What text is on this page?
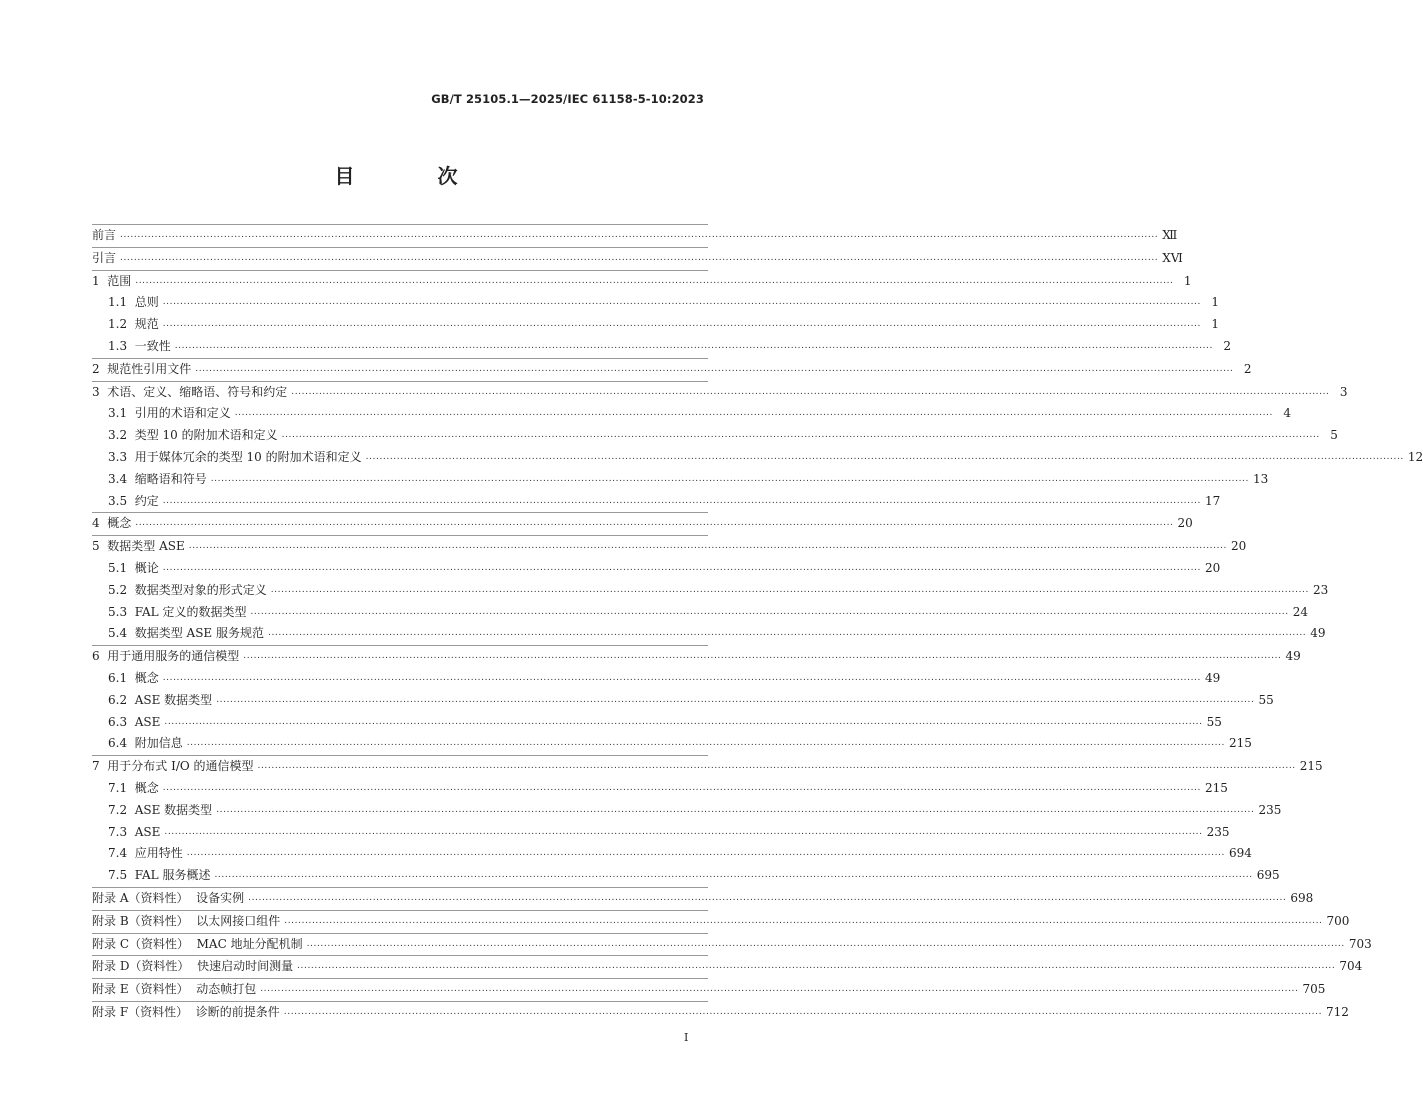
GB/T 25105.1—2025/IEC 61158-5-10:2023
目 次
前言 ............................................................................................................................................................................................................................................................................................................ Ⅻ
引言 ............................................................................................................................................................................................................................................................................................................ ⅩⅥ
1  范围 ............................................................................................................................................................................................................................................................................................................ 1
1.1  总则 ............................................................................................................................................................................................................................................................................................................ 1
1.2  规范 ............................................................................................................................................................................................................................................................................................................ 1
1.3  一致性 ............................................................................................................................................................................................................................................................................................................ 2
2  规范性引用文件 ............................................................................................................................................................................................................................................................................................................ 2
3  术语、定义、缩略语、符号和约定 ............................................................................................................................................................................................................................................................................................................ 3
3.1  引用的术语和定义 ............................................................................................................................................................................................................................................................................................................ 4
3.2  类型 10 的附加术语和定义 ............................................................................................................................................................................................................................................................................................................ 5
3.3  用于媒体冗余的类型 10 的附加术语和定义 ............................................................................................................................................................................................................................................................................................................ 12
3.4  缩略语和符号 ............................................................................................................................................................................................................................................................................................................ 13
3.5  约定 ............................................................................................................................................................................................................................................................................................................ 17
4  概念 ............................................................................................................................................................................................................................................................................................................ 20
5  数据类型 ASE ............................................................................................................................................................................................................................................................................................................ 20
5.1  概论 ............................................................................................................................................................................................................................................................................................................ 20
5.2  数据类型对象的形式定义 ............................................................................................................................................................................................................................................................................................................ 23
5.3  FAL 定义的数据类型 ............................................................................................................................................................................................................................................................................................................ 24
5.4  数据类型 ASE 服务规范 ............................................................................................................................................................................................................................................................................................................ 49
6  用于通用服务的通信模型 ............................................................................................................................................................................................................................................................................................................ 49
6.1  概念 ............................................................................................................................................................................................................................................................................................................ 49
6.2  ASE 数据类型 ............................................................................................................................................................................................................................................................................................................ 55
6.3  ASE ............................................................................................................................................................................................................................................................................................................ 55
6.4  附加信息 ............................................................................................................................................................................................................................................................................................................ 215
7  用于分布式 I/O 的通信模型 ............................................................................................................................................................................................................................................................................................................ 215
7.1  概念 ............................................................................................................................................................................................................................................................................................................ 215
7.2  ASE 数据类型 ............................................................................................................................................................................................................................................................................................................ 235
7.3  ASE ............................................................................................................................................................................................................................................................................................................ 235
7.4  应用特性 ............................................................................................................................................................................................................................................................................................................ 694
7.5  FAL 服务概述 ............................................................................................................................................................................................................................................................................................................ 695
附录 A（资料性）  设备实例 ............................................................................................................................................................................................................................................................................................................ 698
附录 B（资料性）  以太网接口组件 ............................................................................................................................................................................................................................................................................................................ 700
附录 C（资料性）  MAC 地址分配机制 ............................................................................................................................................................................................................................................................................................................ 703
附录 D（资料性）  快速启动时间测量 ............................................................................................................................................................................................................................................................................................................ 704
附录 E（资料性）  动态帧打包 ............................................................................................................................................................................................................................................................................................................ 705
附录 F（资料性）  诊断的前提条件 ............................................................................................................................................................................................................................................................................................................ 712
I
